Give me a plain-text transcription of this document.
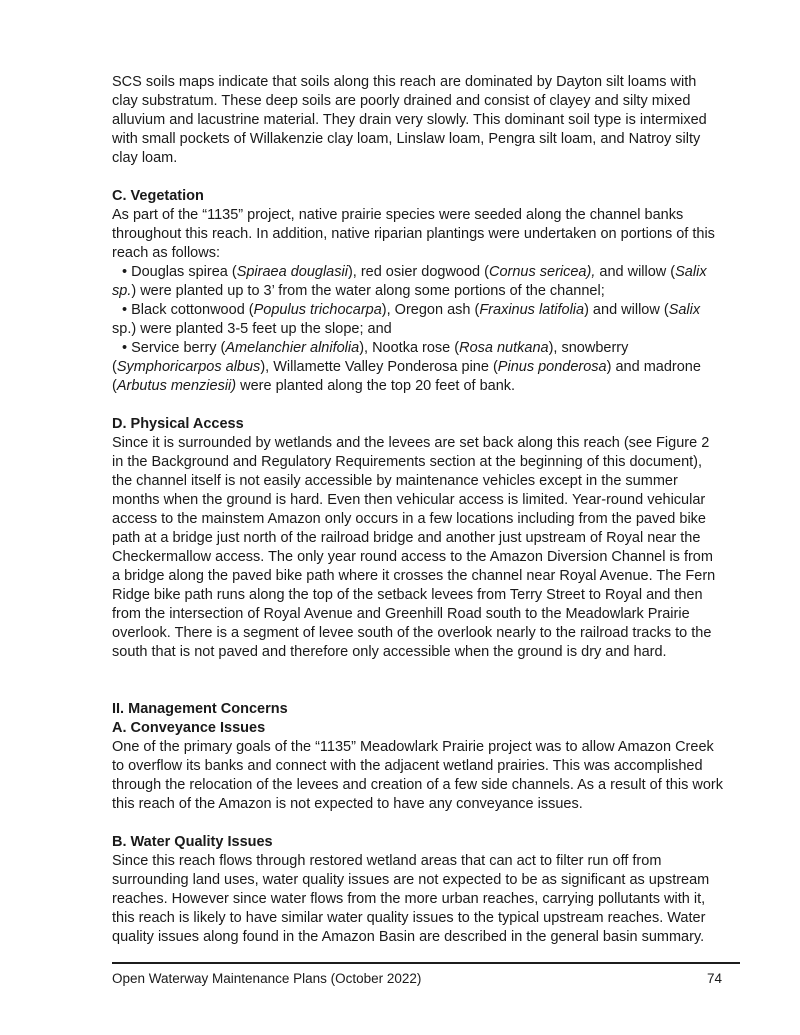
SCS soils maps indicate that soils along this reach are dominated by Dayton silt loams with clay substratum. These deep soils are poorly drained and consist of clayey and silty mixed alluvium and lacustrine material. They drain very slowly. This dominant soil type is intermixed with small pockets of Willakenzie clay loam, Linslaw loam, Pengra silt loam, and Natroy silty clay loam.

C. Vegetation

As part of the “1135” project, native prairie species were seeded along the channel banks throughout this reach. In addition, native riparian plantings were undertaken on portions of this reach as follows:

• Douglas spirea (Spiraea douglasii), red osier dogwood (Cornus sericea), and willow (Salix sp.) were planted up to 3’ from the water along some portions of the channel;

• Black cottonwood (Populus trichocarpa), Oregon ash (Fraxinus latifolia) and willow (Salix sp.) were planted 3-5 feet up the slope; and

• Service berry (Amelanchier alnifolia), Nootka rose (Rosa nutkana), snowberry (Symphoricarpos albus), Willamette Valley Ponderosa pine (Pinus ponderosa) and madrone (Arbutus menziesii) were planted along the top 20 feet of bank.

D. Physical Access

Since it is surrounded by wetlands and the levees are set back along this reach (see Figure 2 in the Background and Regulatory Requirements section at the beginning of this document), the channel itself is not easily accessible by maintenance vehicles except in the summer months when the ground is hard. Even then vehicular access is limited. Year-round vehicular access to the mainstem Amazon only occurs in a few locations including from the paved bike path at a bridge just north of the railroad bridge and another just upstream of Royal near the Checkermallow access. The only year round access to the Amazon Diversion Channel is from a bridge along the paved bike path where it crosses the channel near Royal Avenue. The Fern Ridge bike path runs along the top of the setback levees from Terry Street to Royal and then from the intersection of Royal Avenue and Greenhill Road south to the Meadowlark Prairie overlook. There is a segment of levee south of the overlook nearly to the railroad tracks to the south that is not paved and therefore only accessible when the ground is dry and hard.

II. Management Concerns

A. Conveyance Issues

One of the primary goals of the “1135” Meadowlark Prairie project was to allow Amazon Creek to overflow its banks and connect with the adjacent wetland prairies. This was accomplished through the relocation of the levees and creation of a few side channels. As a result of this work this reach of the Amazon is not expected to have any conveyance issues.

B. Water Quality Issues

Since this reach flows through restored wetland areas that can act to filter run off from surrounding land uses, water quality issues are not expected to be as significant as upstream reaches. However since water flows from the more urban reaches, carrying pollutants with it, this reach is likely to have similar water quality issues to the typical upstream reaches. Water quality issues along found in the Amazon Basin are described in the general basin summary.

Open Waterway Maintenance Plans (October 2022)	74
